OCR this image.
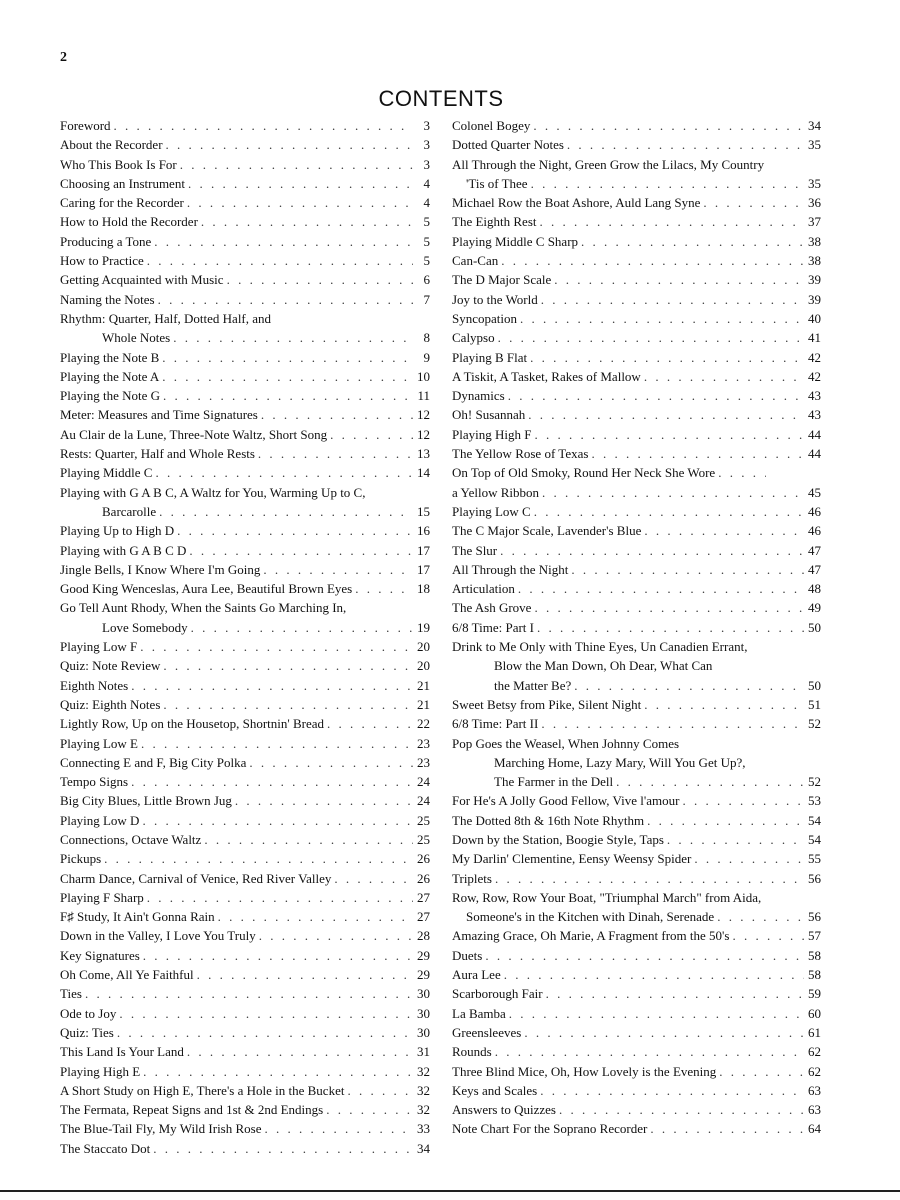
2
CONTENTS
Foreword . . .	3
About the Recorder . . .	3
Who This Book Is For . . .	3
Choosing an Instrument . . .	4
Caring for the Recorder . . .	4
How to Hold the Recorder . . .	5
Producing a Tone . . .	5
How to Practice . . .	5
Getting Acquainted with Music . . .	6
Naming the Notes . . .	7
Rhythm: Quarter, Half, Dotted Half, and
Whole Notes . . .	8
Playing the Note B . . .	9
Playing the Note A . . .	10
Playing the Note G . . .	11
Meter: Measures and Time Signatures . . .	12
Au Clair de la Lune, Three-Note Waltz, Short Song . . .	12
Rests: Quarter, Half and Whole Rests . . .	13
Playing Middle C . . .	14
Playing with G A B C, A Waltz for You, Warming Up to C,
Barcarolle . . .	15
Playing Up to High D . . .	16
Playing with G A B C D . . .	17
Jingle Bells, I Know Where I'm Going . . .	17
Good King Wenceslas, Aura Lee, Beautiful Brown Eyes . . .	18
Go Tell Aunt Rhody, When the Saints Go Marching In,
Love Somebody . . .	19
Playing Low F . . .	20
Quiz: Note Review . . .	20
Eighth Notes . . .	21
Quiz: Eighth Notes . . .	21
Lightly Row, Up on the Housetop, Shortnin' Bread . . .	22
Playing Low E . . .	23
Connecting E and F, Big City Polka . . .	23
Tempo Signs . . .	24
Big City Blues, Little Brown Jug . . .	24
Playing Low D . . .	25
Connections, Octave Waltz . . .	25
Pickups . . .	26
Charm Dance, Carnival of Venice, Red River Valley . . .	26
Playing F Sharp . . .	27
F♯ Study, It Ain't Gonna Rain . . .	27
Down in the Valley, I Love You Truly . . .	28
Key Signatures . . .	29
Oh Come, All Ye Faithful . . .	29
Ties . . .	30
Ode to Joy . . .	30
Quiz: Ties . . .	30
This Land Is Your Land . . .	31
Playing High E . . .	32
A Short Study on High E, There's a Hole in the Bucket . . .	32
The Fermata, Repeat Signs and 1st & 2nd Endings . . .	32
The Blue-Tail Fly, My Wild Irish Rose . . .	33
The Staccato Dot . . .	34
Colonel Bogey . . .	34
Dotted Quarter Notes . . .	35
All Through the Night, Green Grow the Lilacs, My Country
'Tis of Thee . . .	35
Michael Row the Boat Ashore, Auld Lang Syne . . .	36
The Eighth Rest . . .	37
Playing Middle C Sharp . . .	38
Can-Can . . .	38
The D Major Scale . . .	39
Joy to the World . . .	39
Syncopation . . .	40
Calypso . . .	41
Playing B Flat . . .	42
A Tiskit, A Tasket, Rakes of Mallow . . .	42
Dynamics . . .	43
Oh! Susannah . . .	43
Playing High F . . .	44
The Yellow Rose of Texas . . .	44
On Top of Old Smoky, Round Her Neck She Wore
. . .
a Yellow Ribbon . . .	45
Playing Low C . . .	46
The C Major Scale, Lavender's Blue . . .	46
The Slur . . .	47
All Through the Night . . .	47
Articulation . . .	48
The Ash Grove . . .	49
6/8 Time: Part I . . .	50
Drink to Me Only with Thine Eyes, Un Canadien Errant,
Blow the Man Down, Oh Dear, What Can
the Matter Be? . . .	50
Sweet Betsy from Pike, Silent Night . . .	51
6/8 Time: Part II . . .	52
Pop Goes the Weasel, When Johnny Comes
Marching Home, Lazy Mary, Will You Get Up?,
The Farmer in the Dell . . .	52
For He's A Jolly Good Fellow, Vive l'amour . . .	53
The Dotted 8th & 16th Note Rhythm . . .	54
Down by the Station, Boogie Style, Taps . . .	54
My Darlin' Clementine, Eensy Weensy Spider . . .	55
Triplets . . .	56
Row, Row, Row Your Boat, "Triumphal March" from Aida,
Someone's in the Kitchen with Dinah, Serenade . . .	56
Amazing Grace, Oh Marie, A Fragment from the 50's . . .	57
Duets . . .	58
Aura Lee . . .	58
Scarborough Fair . . .	59
La Bamba . . .	60
Greensleeves . . .	61
Rounds . . .	62
Three Blind Mice, Oh, How Lovely is the Evening . . .	62
Keys and Scales . . .	63
Answers to Quizzes . . .	63
Note Chart For the Soprano Recorder . . .	64
